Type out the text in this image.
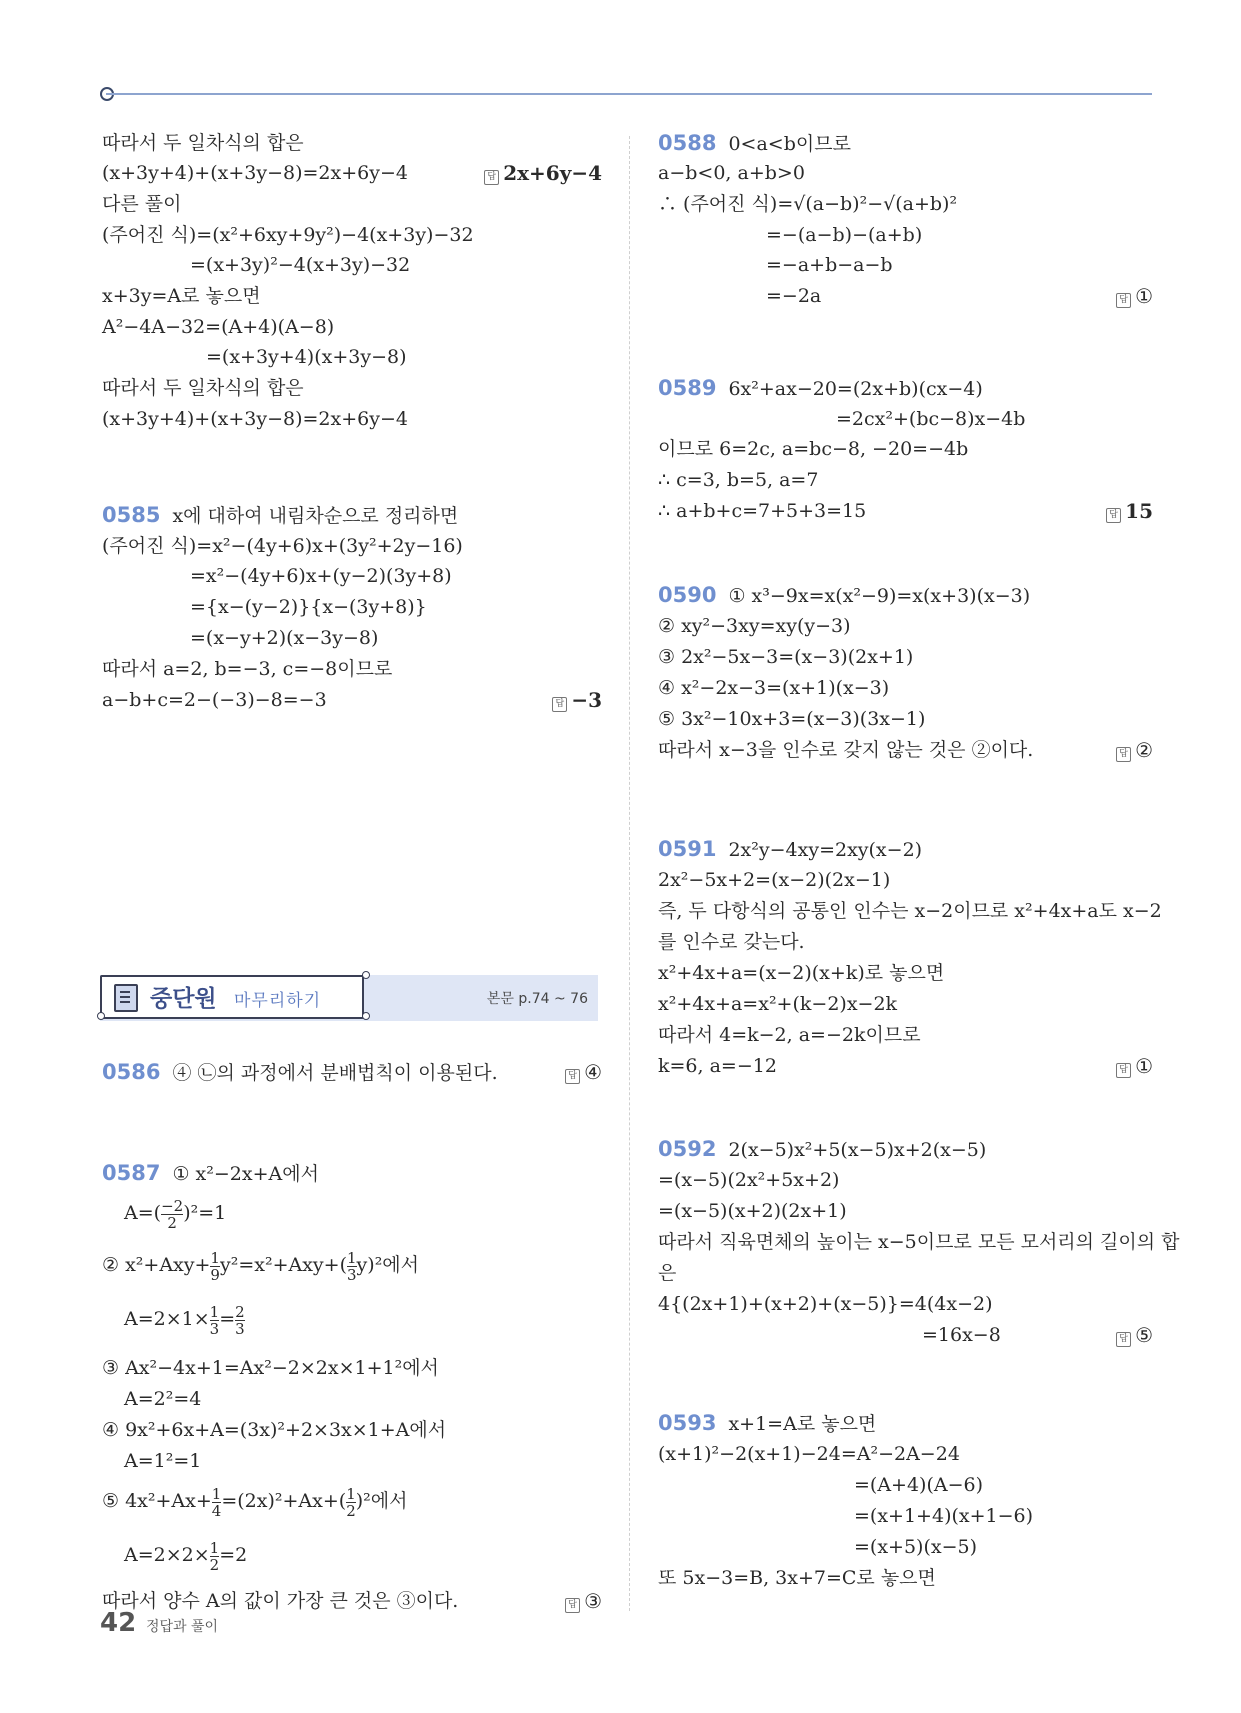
따라서 두 일차식의 합은
(x+3y+4)+(x+3y−8)=2x+6y−4	답 2x+6y−4
다른 풀이
(주어진 식)=(x²+6xy+9y²)−4(x+3y)−32
=(x+3y)²−4(x+3y)−32
x+3y=A로 놓으면
A²−4A−32=(A+4)(A−8)
=(x+3y+4)(x+3y−8)
따라서 두 일차식의 합은
(x+3y+4)+(x+3y−8)=2x+6y−4
0585 x에 대하여 내림차순으로 정리하면
(주어진 식)=x²−(4y+6)x+(3y²+2y−16)
=x²−(4y+6)x+(y−2)(3y+8)
={x−(y−2)}{x−(3y+8)}
=(x−y+2)(x−3y−8)
따라서 a=2, b=−3, c=−8이므로
a−b+c=2−(−3)−8=−3	답 −3
0586 ④ ㉡의 과정에서 분배법칙이 이용된다.	답 ④
0587 ① x²−2x+A에서
$A=( \frac{-2}{2} )^2=1$
② $x^2+Axy+ \frac{1}{9} y^2=x^2+Axy+( \frac{1}{3} y)^2$에서
$A=2\times 1\times \frac{1}{3} = \frac{2}{3}$
③ Ax²−4x+1=Ax²−2×2x×1+1²에서
A=2²=4
④ 9x²+6x+A=(3x)²+2×3x×1+A에서
A=1²=1
⑤ $4x^2+Ax+ \frac{1}{4} =(2x)^2+Ax+( \frac{1}{2} )^2$에서
$A=2\times 2\times \frac{1}{2} =2$
따라서 양수 A의 값이 가장 큰 것은 ③이다.	답 ③
중단원 마무리하기	본문 p.74 ~ 76
0588 0<a<b이므로
a−b<0, a+b>0
∴ (주어진 식)=√(a−b)²−√(a+b)²
=−(a−b)−(a+b)
=−a+b−a−b
=−2a	답 ①
0589 6x²+ax−20=(2x+b)(cx−4)
=2cx²+(bc−8)x−4b
이므로 6=2c, a=bc−8, −20=−4b
∴ c=3, b=5, a=7
∴ a+b+c=7+5+3=15	답 15
0590 ① x³−9x=x(x²−9)=x(x+3)(x−3)
② xy²−3xy=xy(y−3)
③ 2x²−5x−3=(x−3)(2x+1)
④ x²−2x−3=(x+1)(x−3)
⑤ 3x²−10x+3=(x−3)(3x−1)
따라서 x−3을 인수로 갖지 않는 것은 ②이다.	답 ②
0591 2x²y−4xy=2xy(x−2)
2x²−5x+2=(x−2)(2x−1)
즉, 두 다항식의 공통인 인수는 x−2이므로 x²+4x+a도 x−2
를 인수로 갖는다.
x²+4x+a=(x−2)(x+k)로 놓으면
x²+4x+a=x²+(k−2)x−2k
따라서 4=k−2, a=−2k이므로
k=6, a=−12	답 ①
0592 2(x−5)x²+5(x−5)x+2(x−5)
=(x−5)(2x²+5x+2)
=(x−5)(x+2)(2x+1)
따라서 직육면체의 높이는 x−5이므로 모든 모서리의 길이의 합
은
4{(2x+1)+(x+2)+(x−5)}=4(4x−2)
=16x−8	답 ⑤
0593 x+1=A로 놓으면
(x+1)²−2(x+1)−24=A²−2A−24
=(A+4)(A−6)
=(x+1+4)(x+1−6)
=(x+5)(x−5)
또 5x−3=B, 3x+7=C로 놓으면
42 정답과 풀이
